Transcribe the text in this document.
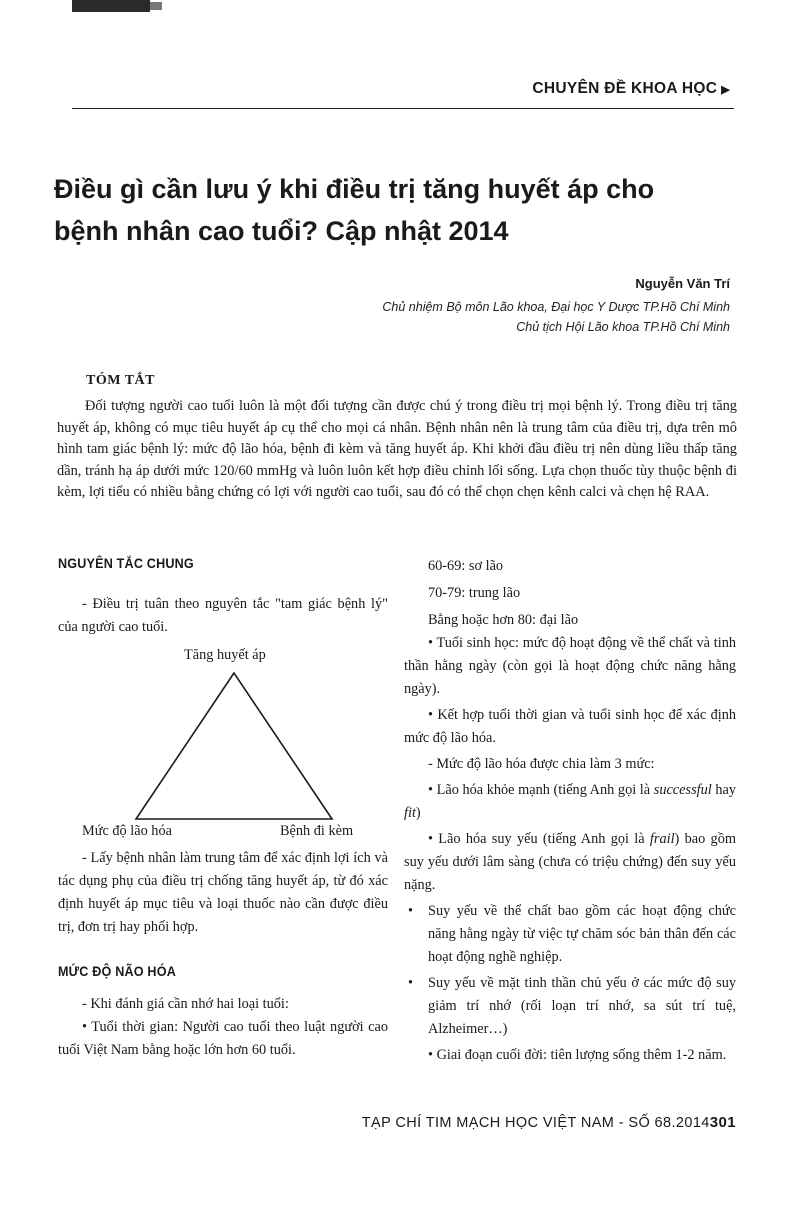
CHUYÊN ĐỀ KHOA HỌC ▶
Điều gì cần lưu ý khi điều trị tăng huyết áp cho bệnh nhân cao tuổi? Cập nhật 2014
Nguyễn Văn Trí
Chủ nhiệm Bộ môn Lão khoa, Đại học Y Dược TP.Hồ Chí Minh
Chủ tịch Hội Lão khoa TP.Hồ Chí Minh
TÓM TẮT

Đối tượng người cao tuổi luôn là một đối tượng cần được chú ý trong điều trị mọi bệnh lý. Trong điều trị tăng huyết áp, không có mục tiêu huyết áp cụ thể cho mọi cá nhân. Bệnh nhân nên là trung tâm của điều trị, dựa trên mô hình tam giác bệnh lý: mức độ lão hóa, bệnh đi kèm và tăng huyết áp. Khi khởi đầu điều trị nên dùng liều thấp tăng dần, tránh hạ áp dưới mức 120/60 mmHg và luôn luôn kết hợp điều chỉnh lối sống. Lựa chọn thuốc tùy thuộc bệnh đi kèm, lợi tiểu có nhiều bằng chứng có lợi với người cao tuổi, sau đó có thể chọn chẹn kênh calci và chẹn hệ RAA.

NGUYÊN TẮC CHUNG

- Điều trị tuân theo nguyên tắc "tam giác bệnh lý" của người cao tuổi.

Tăng huyết áp
Mức độ lão hóa	Bệnh đi kèm

- Lấy bệnh nhân làm trung tâm để xác định lợi ích và tác dụng phụ của điều trị chống tăng huyết áp, từ đó xác định huyết áp mục tiêu và loại thuốc nào cần được điều trị, đơn trị hay phối hợp.

MỨC ĐỘ NÃO HÓA

- Khi đánh giá cần nhớ hai loại tuổi:

• Tuổi thời gian: Người cao tuổi theo luật người cao tuổi Việt Nam bằng hoặc lớn hơn 60 tuổi.

60-69: sơ lão

70-79: trung lão

Bằng hoặc hơn 80: đại lão

• Tuổi sinh học: mức độ hoạt động về thể chất và tinh thần hằng ngày (còn gọi là hoạt động chức năng hằng ngày).

• Kết hợp tuổi thời gian và tuổi sinh học để xác định mức độ lão hóa.

- Mức độ lão hóa được chia làm 3 mức:

• Lão hóa khỏe mạnh (tiếng Anh gọi là successful hay fit)

• Lão hóa suy yếu (tiếng Anh gọi là frail) bao gồm suy yếu dưới lâm sàng (chưa có triệu chứng) đến suy yếu nặng.

• Suy yếu về thể chất bao gồm các hoạt động chức năng hằng ngày từ việc tự chăm sóc bản thân đến các hoạt động nghề nghiệp.

• Suy yếu về mặt tinh thần chủ yếu ở các mức độ suy giảm trí nhớ (rối loạn trí nhớ, sa sút trí tuệ, Alzheimer…)

• Giai đoạn cuối đời: tiên lượng sống thêm 1-2 năm.

TẠP CHÍ TIM MẠCH HỌC VIỆT NAM - SỐ 68.2014301
